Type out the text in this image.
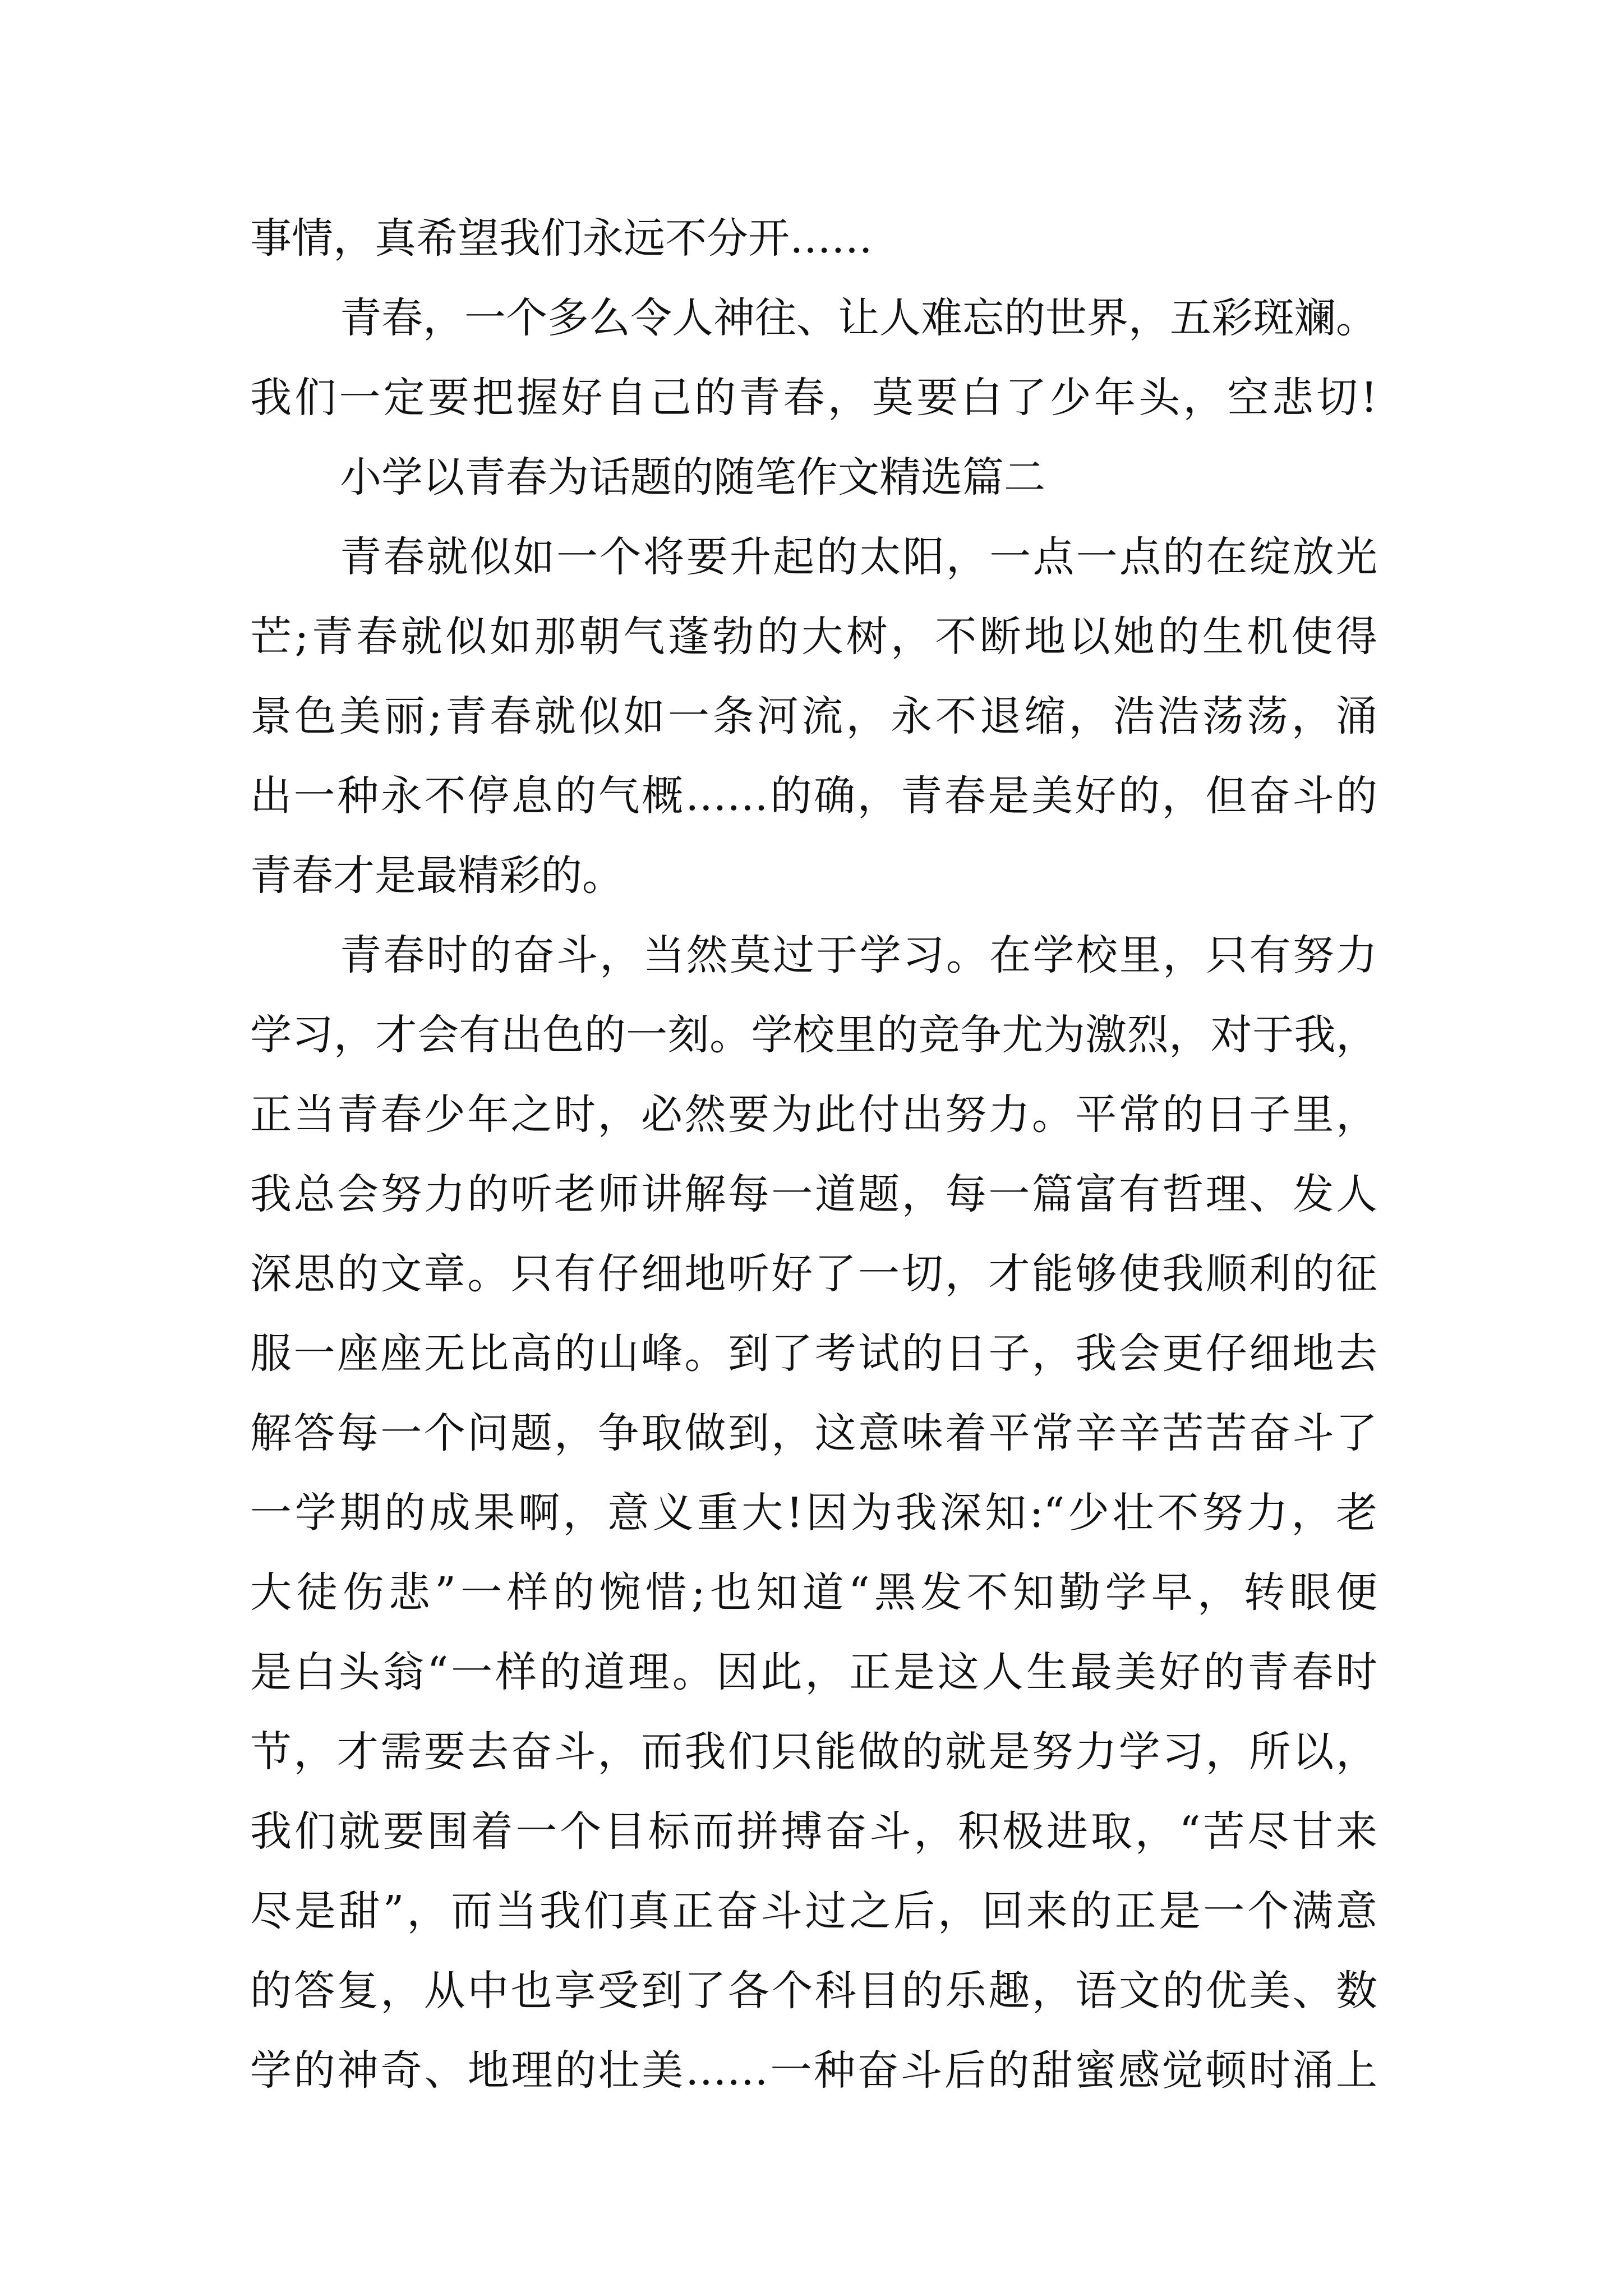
事情，真希望我们永远不分开……
青春，一个多么令人神往、让人难忘的世界，五彩斑斓。
我们一定要把握好自己的青春，莫要白了少年头，空悲切!
小学以青春为话题的随笔作文精选篇二
青春就似如一个将要升起的太阳，一点一点的在绽放光
芒;青春就似如那朝气蓬勃的大树，不断地以她的生机使得
景色美丽;青春就似如一条河流，永不退缩，浩浩荡荡，涌
出一种永不停息的气概……的确，青春是美好的，但奋斗的
青春才是最精彩的。
青春时的奋斗，当然莫过于学习。在学校里，只有努力
学习，才会有出色的一刻。学校里的竞争尤为激烈，对于我，
正当青春少年之时，必然要为此付出努力。平常的日子里，
我总会努力的听老师讲解每一道题，每一篇富有哲理、发人
深思的文章。只有仔细地听好了一切，才能够使我顺利的征
服一座座无比高的山峰。到了考试的日子，我会更仔细地去
解答每一个问题，争取做到，这意味着平常辛辛苦苦奋斗了
一学期的成果啊，意义重大!因为我深知:“少壮不努力，老
大徒伤悲”一样的惋惜;也知道“黑发不知勤学早，转眼便
是白头翁“一样的道理。因此，正是这人生最美好的青春时
节，才需要去奋斗，而我们只能做的就是努力学习，所以，
我们就要围着一个目标而拼搏奋斗，积极进取，“苦尽甘来
尽是甜”，而当我们真正奋斗过之后，回来的正是一个满意
的答复，从中也享受到了各个科目的乐趣，语文的优美、数
学的神奇、地理的壮美……一种奋斗后的甜蜜感觉顿时涌上
